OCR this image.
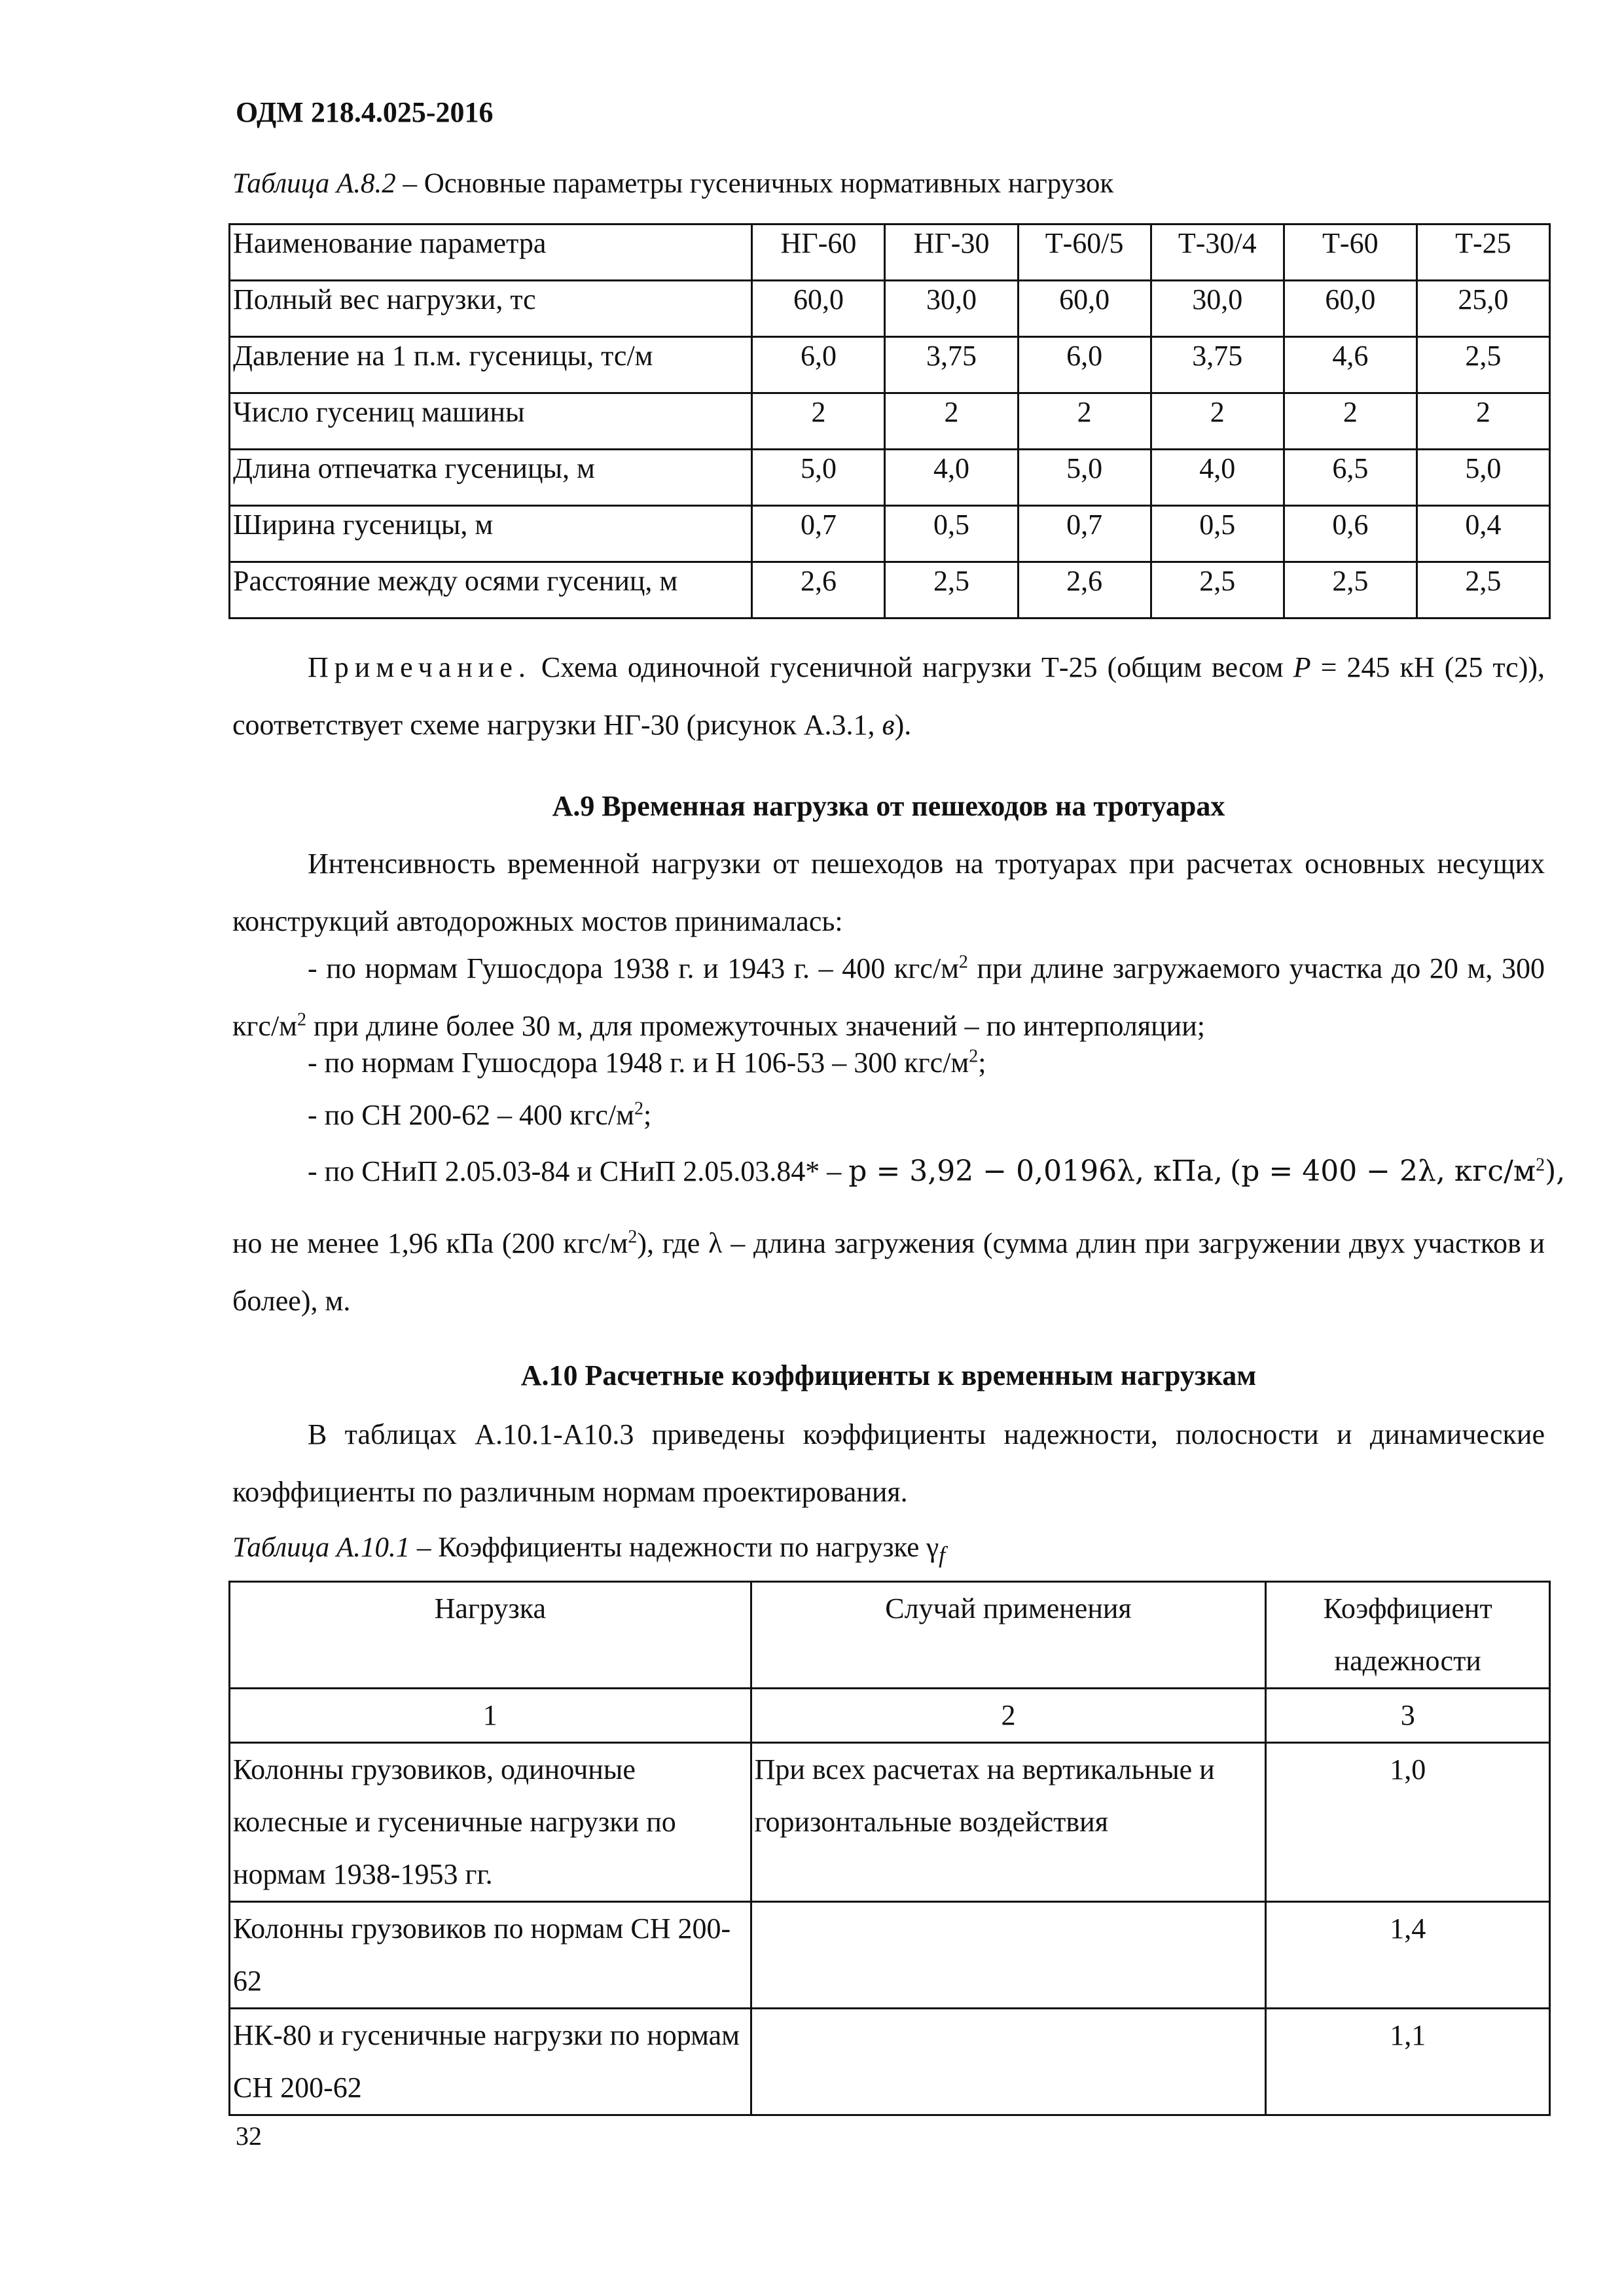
ОДМ 218.4.025-2016
Таблица А.8.2 – Основные параметры гусеничных нормативных нагрузок
Наименование параметра	НГ-60	НГ-30	Т-60/5	Т-30/4	Т-60	Т-25
Полный вес нагрузки, тс	60,0	30,0	60,0	30,0	60,0	25,0
Давление на 1 п.м. гусеницы, тс/м	6,0	3,75	6,0	3,75	4,6	2,5
Число гусениц машины	2	2	2	2	2	2
Длина отпечатка гусеницы, м	5,0	4,0	5,0	4,0	6,5	5,0
Ширина гусеницы, м	0,7	0,5	0,7	0,5	0,6	0,4
Расстояние между осями гусениц, м	2,6	2,5	2,6	2,5	2,5	2,5
Примечание. Схема одиночной гусеничной нагрузки Т-25 (общим весом P = 245 кН (25 тс)), соответствует схеме нагрузки НГ-30 (рисунок А.3.1, в).
А.9 Временная нагрузка от пешеходов на тротуарах
Интенсивность временной нагрузки от пешеходов на тротуарах при расчетах основных несущих конструкций автодорожных мостов принималась:
- по нормам Гушосдора 1938 г. и 1943 г. – 400 кгс/$м^2$ при длине загружаемого участка до 20 м, 300 кгс/$м^2$ при длине более 30 м, для промежуточных значений – по интерполяции;
- по нормам Гушосдора 1948 г. и Н 106-53 – 300 кгс/$м^2$;
- по СН 200-62 – 400 кгс/$м^2$;
- по СНиП 2.05.03-84 и СНиП 2.05.03.84* – p = 3,92 − 0,0196λ, кПа, (p = 400 − 2λ, кгс/$м^2$),
но не менее 1,96 кПа (200 кгс/$м^2$), где λ – длина загружения (сумма длин при загружении двух участков и более), м.
А.10 Расчетные коэффициенты к временным нагрузкам
В таблицах А.10.1-А10.3 приведены коэффициенты надежности, полосности и динамические коэффициенты по различным нормам проектирования.
Таблица А.10.1 – Коэффициенты надежности по нагрузке $\gamma_f$
Нагрузка	Случай применения	Коэффициент надежности
1	2	3
Колонны грузовиков, одиночные колесные и гусеничные нагрузки по нормам 1938-1953 гг.	При всех расчетах на вертикальные и горизонтальные воздействия	1,0
Колонны грузовиков по нормам СН 200-62		1,4
НК-80 и гусеничные нагрузки по нормам СН 200-62		1,1
32
